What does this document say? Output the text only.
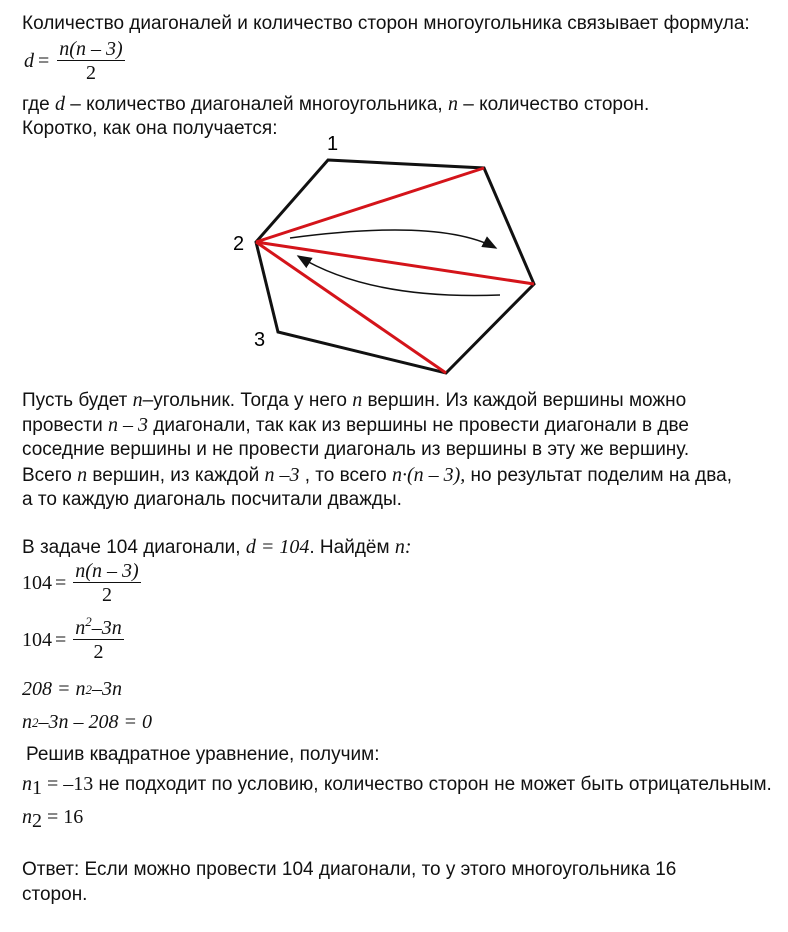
Количество диагоналей и количество сторон многоугольника связывает формула:
$d = \frac{n(n - 3)}{2}$
где d – количество диагоналей многоугольника, n – количество сторон.
Коротко, как она получается:
1
2
3
Пусть будет n–угольник. Тогда у него n вершин. Из каждой вершины можно
провести n – 3 диагонали, так как из вершины не провести диагонали в две
соседние вершины и не провести диагональ из вершины в эту же вершину.
Всего n вершин, из каждой n –3 , то всего n·(n – 3), но результат поделим на два,
а то каждую диагональ посчитали дважды.
В задаче 104 диагонали, d = 104. Найдём n:
$104 = \frac{n(n - 3)}{2}$
$104 = \frac{n^2-3n}{2}$
208 = n 2 –3n
n 2 –3n – 208 = 0
Решив квадратное уравнение, получим:
$n_1 = -13$ не подходит по условию, количество сторон не может быть отрицательным.
$n_2 = 16$
Ответ: Если можно провести 104 диагонали, то у этого многоугольника 16
сторон.
